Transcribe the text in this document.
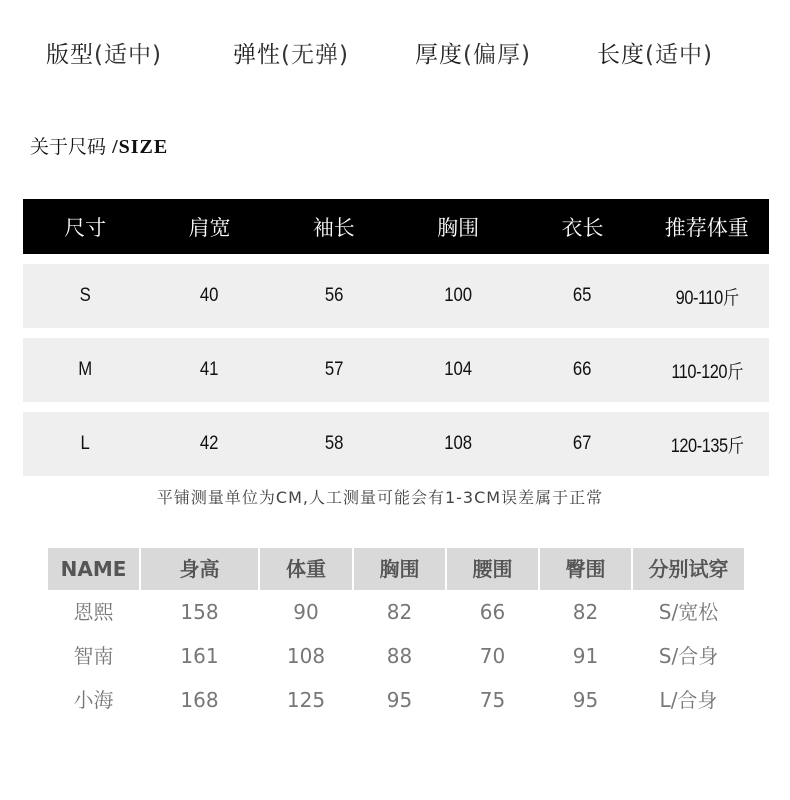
版型(适中)	弹性(无弹)	厚度(偏厚)	长度(适中)
关于尺码 /SIZE
尺寸	肩宽	袖长	胸围	衣长	推荐体重
S	40	56	100	65	90-110斤
M	41	57	104	66	110-120斤
L	42	58	108	67	120-135斤
平铺测量单位为CM,人工测量可能会有1-3CM误差属于正常
NAME	身高	体重	胸围	腰围	臀围	分别试穿
恩熙	158	90	82	66	82	S/宽松
智南	161	108	88	70	91	S/合身
小海	168	125	95	75	95	L/合身
